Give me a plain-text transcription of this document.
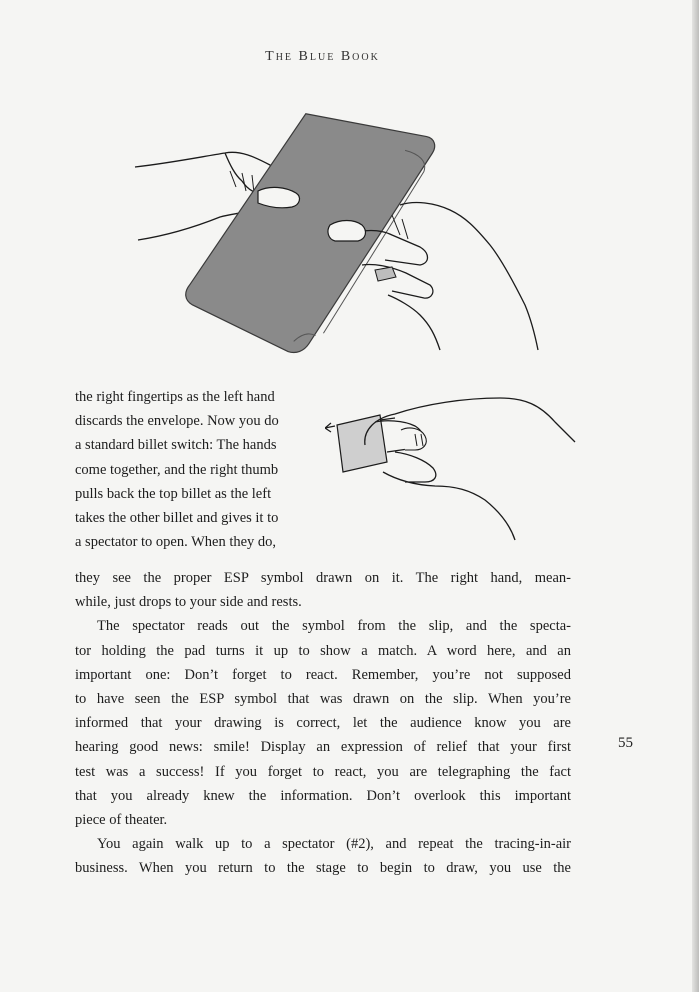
The Blue Book
the right fingertips as the left hand
discards the envelope. Now you do
a standard billet switch: The hands
come together, and the right thumb
pulls back the top billet as the left
takes the other billet and gives it to
a spectator to open. When they do,
they see the proper ESP symbol drawn on it. The right hand, mean-
while, just drops to your side and rests.
The spectator reads out the symbol from the slip, and the specta-
tor holding the pad turns it up to show a match. A word here, and an
important one: Don’t forget to react. Remember, you’re not supposed
to have seen the ESP symbol that was drawn on the slip. When you’re
informed that your drawing is correct, let the audience know you are
hearing good news: smile! Display an expression of relief that your first
test was a success! If you forget to react, you are telegraphing the fact
that you already knew the information. Don’t overlook this important
piece of theater.
You again walk up to a spectator (#2), and repeat the tracing-in-air
business. When you return to the stage to begin to draw, you use the
55
